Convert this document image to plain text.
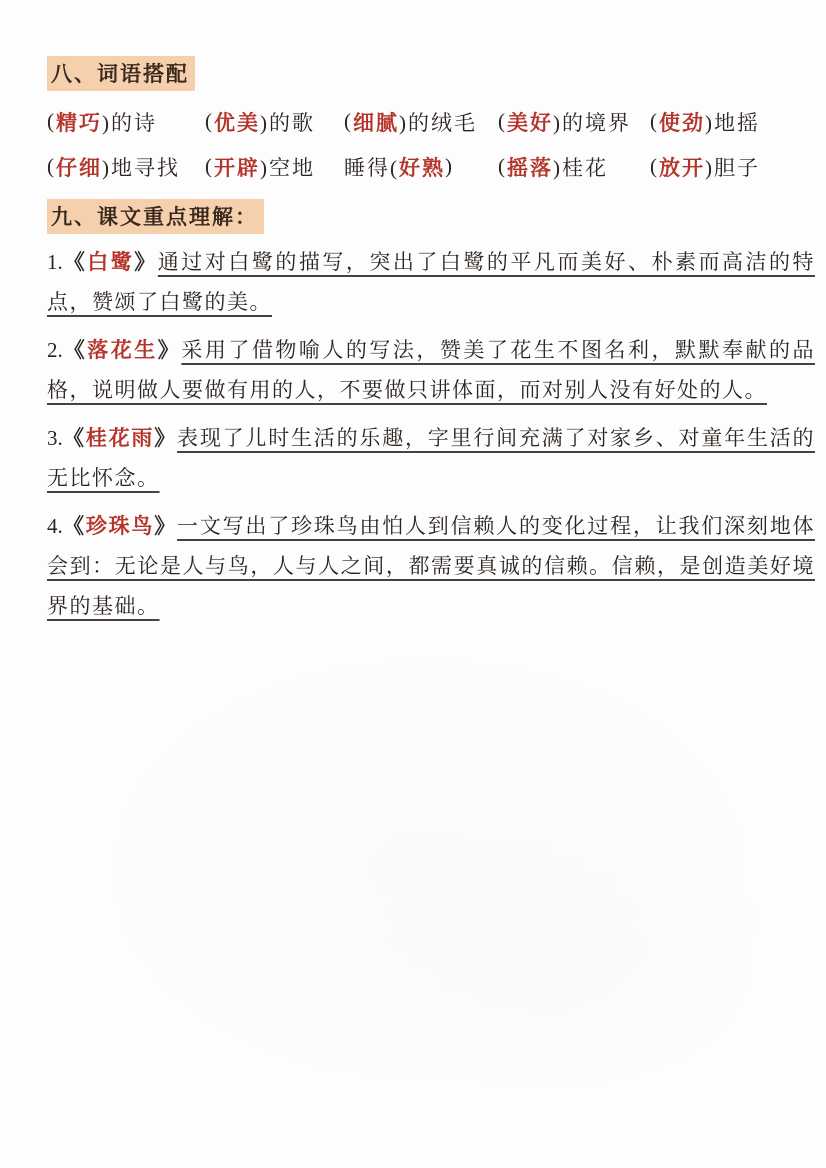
八、词语搭配
( 精巧 )的诗 ( 优美 )的歌 ( 细腻 )的绒毛 ( 美好 )的境界 ( 使劲 )地摇
( 仔细 )地寻找 ( 开辟 )空地 睡得( 好熟 ) ( 摇落 )桂花 ( 放开 )胆子
九、课文重点理解：

1.《白鹭》通过对白鹭的描写，突出了白鹭的平凡而美好、朴素而高洁的特点，赞颂了白鹭的美。

2.《落花生》采用了借物喻人的写法，赞美了花生不图名利，默默奉献的品格，说明做人要做有用的人，不要做只讲体面，而对别人没有好处的人。

3.《桂花雨》表现了儿时生活的乐趣，字里行间充满了对家乡、对童年生活的无比怀念。

4.《珍珠鸟》一文写出了珍珠鸟由怕人到信赖人的变化过程，让我们深刻地体会到：无论是人与鸟，人与人之间，都需要真诚的信赖。信赖，是创造美好境界的基础。
